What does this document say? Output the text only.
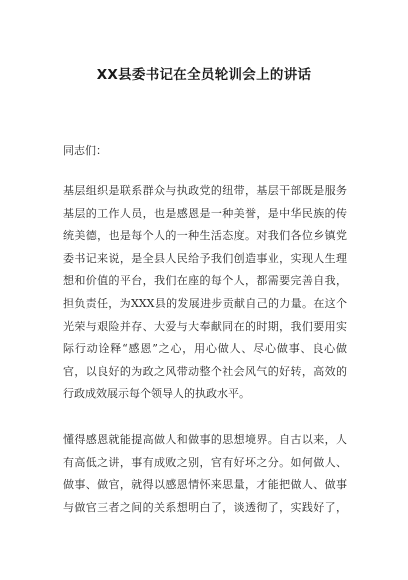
XX县委书记在全员轮训会上的讲话

同志们：

基层组织是联系群众与执政党的纽带，基层干部既是服务
基层的工作人员，也是感恩是一种美誉，是中华民族的传
统美德，也是每个人的一种生活态度。对我们各位乡镇党
委书记来说，是全县人民给予我们创造事业，实现人生理
想和价值的平台，我们在座的每个人，都需要完善自我，
担负责任，为XXX县的发展进步贡献自己的力量。在这个
光荣与艰险并存、大爱与大奉献同在的时期，我们要用实
际行动诠释“感恩”之心，用心做人、尽心做事、良心做
官，以良好的为政之风带动整个社会风气的好转，高效的
行政成效展示每个领导人的执政水平。
懂得感恩就能提高做人和做事的思想境界。自古以来，人
有高低之讲，事有成败之别，官有好坏之分。如何做人、
做事、做官，就得以感恩情怀来思量，才能把做人、做事
与做官三者之间的关系想明白了，谈透彻了，实践好了，
